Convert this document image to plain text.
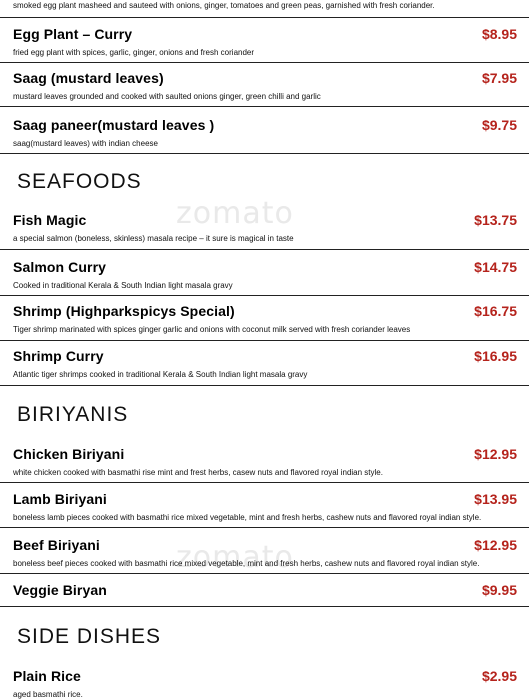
zomato
zomato
smoked egg plant masheed and sauteed with onions, ginger, tomatoes and green peas, garnished with fresh coriander.
Egg Plant – Curry	$8.95
fried egg plant with spices, garlic, ginger, onions and fresh coriander
Saag (mustard leaves)	$7.95
mustard leaves grounded and cooked with saulted onions ginger, green chilli and garlic
Saag paneer(mustard leaves )	$9.75
saag(mustard leaves) with indian cheese
SEAFOODS
Fish Magic	$13.75
a special salmon (boneless, skinless) masala recipe – it sure is magical in taste
Salmon Curry	$14.75
Cooked in traditional Kerala & South Indian light masala gravy
Shrimp (Highparkspicys Special)	$16.75
Tiger shrimp marinated with spices ginger garlic and onions with coconut milk served with fresh coriander leaves
Shrimp Curry	$16.95
Atlantic tiger shrimps cooked in traditional Kerala & South Indian light masala gravy
BIRIYANIS
Chicken Biriyani	$12.95
white chicken cooked with basmathi rise mint and frest herbs, casew nuts and flavored royal indian style.
Lamb Biriyani	$13.95
boneless lamb pieces cooked with basmathi rice mixed vegetable, mint and fresh herbs, cashew nuts and flavored royal indian style.
Beef Biriyani	$12.95
boneless beef pieces cooked with basmathi rice mixed vegetable, mint and fresh herbs, cashew nuts and flavored royal indian style.
Veggie Biryan	$9.95
SIDE DISHES
Plain Rice	$2.95
aged basmathi rice.
